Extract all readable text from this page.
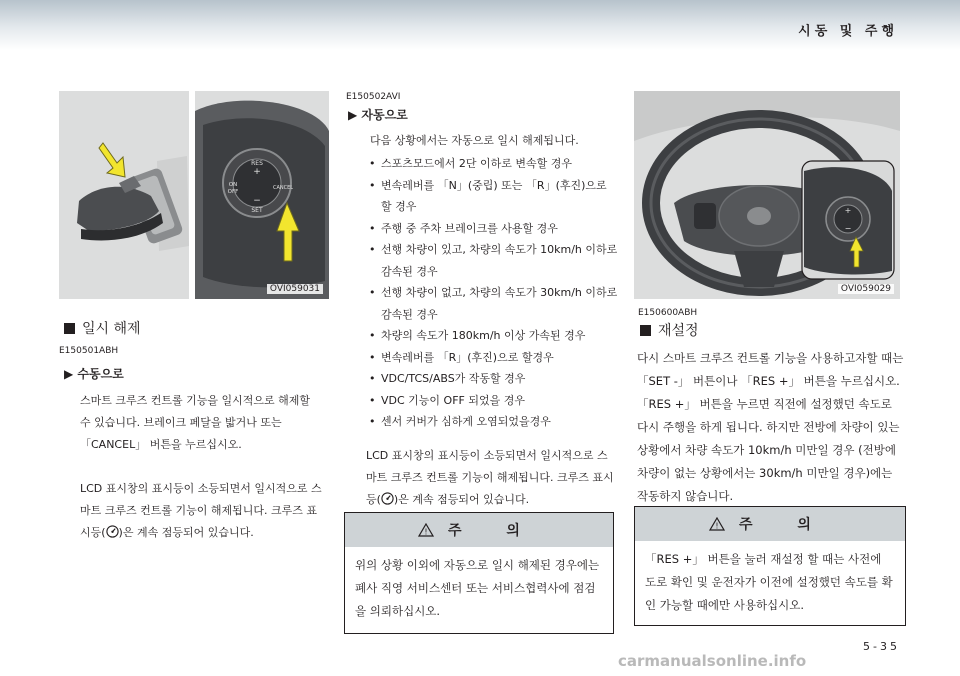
시동 및 주행
RES
+
ON
OFF
CANCEL
−
SET
OVI059031
일시 해제
E150501ABH
▶ 수동으로

스마트 크루즈 컨트롤 기능을 일시적으로 해제할 수 있습니다. 브레이크 페달을 밟거나 또는 「CANCEL」 버튼을 누르십시오.

LCD 표시창의 표시등이 소등되면서 일시적으로 스마트 크루즈 컨트롤 기능이 해제됩니다. 크루즈 표시등( )은 계속 점등되어 있습니다.

E150502AVI
▶ 자동으로

다음 상황에서는 자동으로 일시 해제됩니다.

• 스포츠모드에서 2단 이하로 변속할 경우
• 변속레버를 「N」(중립) 또는 「R」(후진)으로 할 경우
• 주행 중 주차 브레이크를 사용할 경우
• 선행 차량이 있고, 차량의 속도가 10km/h 이하로 감속된 경우
• 선행 차량이 없고, 차량의 속도가 30km/h 이하로 감속된 경우
• 차량의 속도가 180km/h 이상 가속된 경우
• 변속레버를 「R」(후진)으로 할경우
• VDC/TCS/ABS가 작동할 경우
• VDC 기능이 OFF 되었을 경우
• 센서 커버가 심하게 오염되었을경우

LCD 표시창의 표시등이 소등되면서 일시적으로 스마트 크루즈 컨트롤 기능이 해제됩니다. 크루즈 표시등( )은 계속 점등되어 있습니다.

! 주 의

위의 상황 이외에 자동으로 일시 해제된 경우에는 폐사 직영 서비스센터 또는 서비스협력사에 점검을 의뢰하십시오.

+
−
OVI059029
E150600ABH
재설정

다시 스마트 크루즈 컨트롤 기능을 사용하고자할 때는 「SET -」 버튼이나 「RES +」 버튼을 누르십시오. 「RES +」 버튼을 누르면 직전에 설정했던 속도로 다시 주행을 하게 됩니다. 하지만 전방에 차량이 있는 상황에서 차량 속도가 10km/h 미만일 경우 (전방에 차량이 없는 상황에서는 30km/h 미만일 경우)에는 작동하지 않습니다.

! 주 의

「RES +」 버튼을 눌러 재설정 할 때는 사전에 도로 확인 및 운전자가 이전에 설정했던 속도를 확인 가능할 때에만 사용하십시오.

5-35
carmanualsonline.info
